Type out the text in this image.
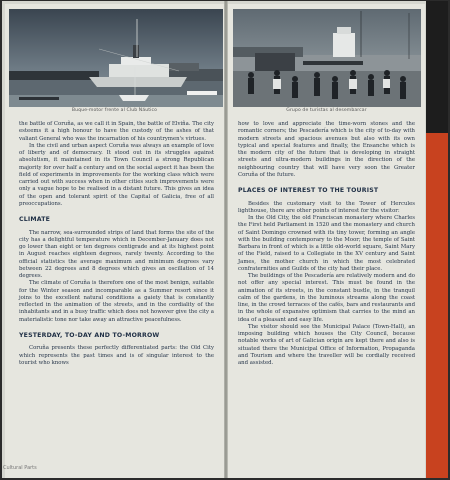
Buque-motor frente al Club Náutico

the battle of Coruña, as we call it in Spain, the battle of Elviña. The city esteems it a high honour to have the custody of the ashes of that valiant General who was the incarnation of his countrymen's virtues.

In the civil and urban aspect Coruña was always an example of love of liberty and of democracy. It stood out in its struggles against absolutism, it maintained in its Town Council a strong Republican majority for over half a century and on the social aspect it has been the field of experiments in improvements for the working class which were carried out with success when in other cities such improvements were only a vague hope to be realised in a distant future. This gives an idea of the open and tolerant spirit of the Capital of Galicia, free of all preoccupations.

CLIMATE

The narrow, sea-surrounded strips of land that forms the site of the city has a delightful temperature which in December-January does not go lower than eight or ten degrees centigrade and at its highest point in August reaches eighteen degrees, rarely twenty. According to the official statistics the average maximum and minimum degrees vary between 22 degrees and 8 degrees which gives an oscillation of 14 degrees.

The climate of Coruña is therefore one of the most benign, suitable for the Winter season and incomparable as a Summer resort since it joins to the excellent natural conditions a gaiety that is constantly reflected in the animation of the streets, and in the cordiality of the inhabitants and in a busy traffic which does not however give the city a materialistic tone nor take away an attractive peacefulness.

YESTERDAY, TO-DAY AND TO-MORROW

Coruña presents these perfectly differentiated parts: the Old City which represents the past times and is of singular interest to the tourist who knows

Grupo de turistas al desembarcar

how to love and appreciate the time-worn stones and the romantic corners; the Pescadería which is the city of to-day with modern streets and spacious avenues but also with its own typical and special features and finally, the Ensanche which is the modern city of the future that is developing in straight streets and ultra-modern buildings in the direction of the neighbouring country that will have very soon the Greater Coruña of the future.

PLACES OF INTEREST TO THE TOURIST

Besides the customary visit to the Tower of Hercules lighthouse, there are other points of interest for the visitor:

In the Old City, the old Franciscan monastery where Charles the First held Parliament in 1520 and the monastery and church of Saint Domingo crowned with its tiny tower, forming an angle with the building contemporary to the Moor; the temple of Saint Barbara in front of which is a little old-world square, Saint Mary of the Field, raised to a Collegiate in the XV century and Saint James, the mother church in which the most celebrated confraternities and Guilds of the city had their place.

The buildings of the Pescadería are relatively modern and do not offer any special interest. This must be found in the animation of its streets, in the constant bustle, in the tranquil calm of the gardens, in the luminous streams along the coast line, in the crowd terraces of the cafés, bars and restaurants and in the whole of expansive optimism that carries to the mind an idea of a pleasant and easy life.

The visitor should see the Municipal Palace (Town-Hall), an imposing building which houses the City Council, because notable works of art of Galician origin are kept there and also is situated there the Municipal Office of Information, Propaganda and Tourism and where the traveller will be cordially received and assisted.

Cultural Parts
